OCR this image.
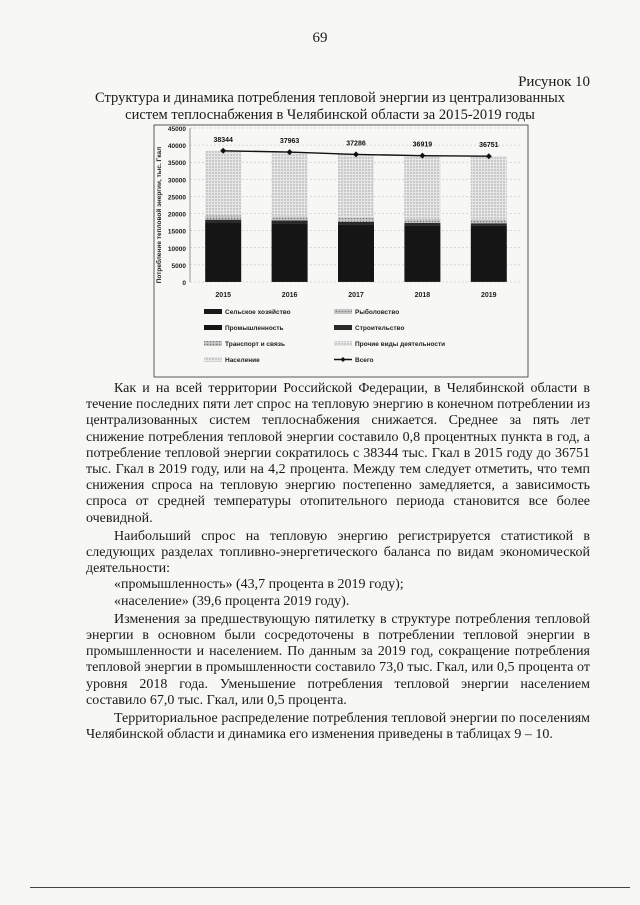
69
Рисунок 10
Структура и динамика потребления тепловой энергии из централизованных систем теплоснабжения в Челябинской области за 2015-2019 годы
0
5000
10000
15000
20000
25000
30000
35000
40000
45000
Потребление тепловой энергии, тыс. Гкал
2015	2016	2017	2018	2019
38344	37963	37286	36919	36751
Сельское хозяйство	Рыболовство
Промышленность	Строительство
Транспорт и связь	Прочие виды деятельности
Население	Всего

Как и на всей территории Российской Федерации, в Челябинской области в течение последних пяти лет спрос на тепловую энергию в конечном потреблении из централизованных систем теплоснабжения снижается. Среднее за пять лет снижение потребления тепловой энергии составило 0,8 процентных пункта в год, а потребление тепловой энергии сократилось с 38344 тыс. Гкал в 2015 году до 36751 тыс. Гкал в 2019 году, или на 4,2 процента. Между тем следует отметить, что темп снижения спроса на тепловую энергию постепенно замедляется, а зависимость спроса от средней температуры отопительного периода становится все более очевидной.

Наибольший спрос на тепловую энергию регистрируется статистикой в следующих разделах топливно-энергетического баланса по видам экономической деятельности:

«промышленность» (43,7 процента в 2019 году);

«население» (39,6 процента 2019 году).

Изменения за предшествующую пятилетку в структуре потребления тепловой энергии в основном были сосредоточены в потреблении тепловой энергии в промышленности и населением. По данным за 2019 год, сокращение потребления тепловой энергии в промышленности составило 73,0 тыс. Гкал, или 0,5 процента от уровня 2018 года. Уменьшение потребления тепловой энергии населением составило 67,0 тыс. Гкал, или 0,5 процента.

Территориальное распределение потребления тепловой энергии по поселениям Челябинской области и динамика его изменения приведены в таблицах 9 – 10.
